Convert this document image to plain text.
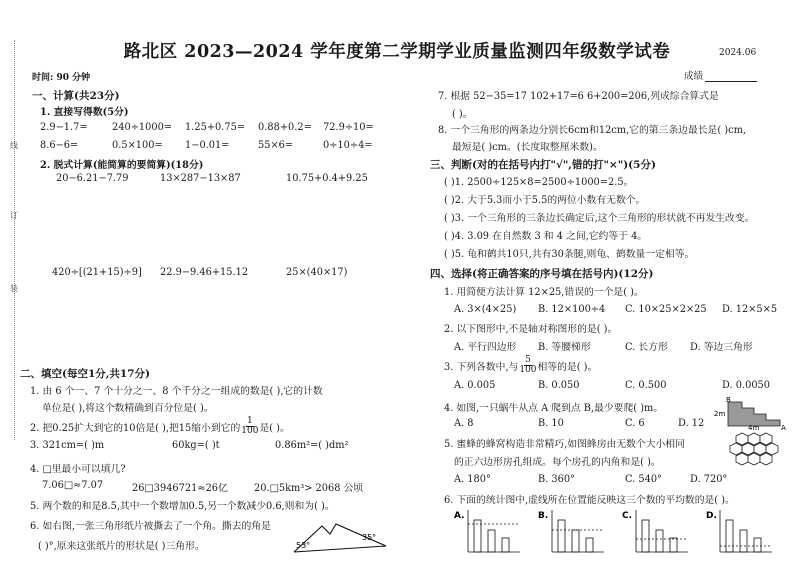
线
订
装
路北区 2023—2024 学年度第二学期学业质量监测四年级数学试卷	2024.06
时间: 90 分钟	成绩
一、计算(共23分)
1. 直接写得数(5分)
2.9−1.7= 240÷1000= 1.25+0.75= 0.88+0.2= 72.9÷10=
8.6−6=	0.5×100= 1−0.01=	55×6=	0÷10÷4=
2. 脱式计算(能简算的要简算)(18分)
20−6.21−7.79	13×287−13×87	10.75+0.4+9.25
420÷[(21+15)÷9] 22.9−9.46+15.12	25×(40×17)
二、填空(每空1分,共17分)
1. 由 6 个一、7 个十分之一、8 个千分之一组成的数是( ),它的计数
单位是( ),将这个数精确到百分位是( )。
2. 把0.25扩大到它的10倍是( ),把15缩小到它的 $\frac{1}{100}$ 是( )。
3. 321cm=( )m	60kg=( )t	0.86m²=( )dm²
4. □里最小可以填几?
7.06□≈7.07	26□3946721≈26亿	20.□5km³> 2068 公顷
5. 两个数的和是8.5,其中一个数增加0.5,另一个数减少0.6,则和为( )。
6. 如右图,一张三角形纸片被撕去了一个角。撕去的角是
( )°,原来这张纸片的形状是( )三角形。	53°
35°
7. 根据 52−35=17 102+17=6 6+200=206,列成综合算式是
( )。
8. 一个三角形的两条边分别长6cm和12cm,它的第三条边最长是( )cm,
最短是( )cm。(长度取整厘米数)。
三、判断(对的在括号内打"√",错的打"×")(5分)
( )1. 2500÷125×8=2500÷1000=2.5。
( )2. 大于5.3而小于5.5的两位小数有无数个。
( )3. 一个三角形的三条边长确定后,这个三角形的形状就不再发生改变。
( )4. 3.09 在自然数 3 和 4 之间,它约等于 4。
( )5. 龟和鹤共10只,共有30条腿,则龟、鹤数量一定相等。
四、选择(将正确答案的序号填在括号内)(12分)
1. 用简便方法计算 12×25,错误的一个是( )。
A. 3×(4×25) B. 12×100÷4 C. 10×25×2×25 D. 12×5×5
2. 以下图形中,不是轴对称图形的是( )。
A. 平行四边形 B. 等腰梯形	C. 长方形 D. 等边三角形
3. 下列各数中,与 $\frac{5}{100}$ 相等的是( )。
A. 0.005	B. 0.050	C. 0.500	D. 0.0050
4. 如图,一只蜗牛从点 A 爬到点 B,最少要爬( )m。
A. 8	B. 10	C. 6	D. 12
2m
4m
B
A
5. 蜜蜂的蜂窝构造非常精巧,如图蜂房由无数个大小相同
的正六边形房孔组成。每个房孔的内角和是( )。
A. 180°	B. 360°	C. 540°	D. 720°
6. 下面的统计图中,虚线所在位置能反映这三个数的平均数的是( )。
A.	B.	C.	D.
